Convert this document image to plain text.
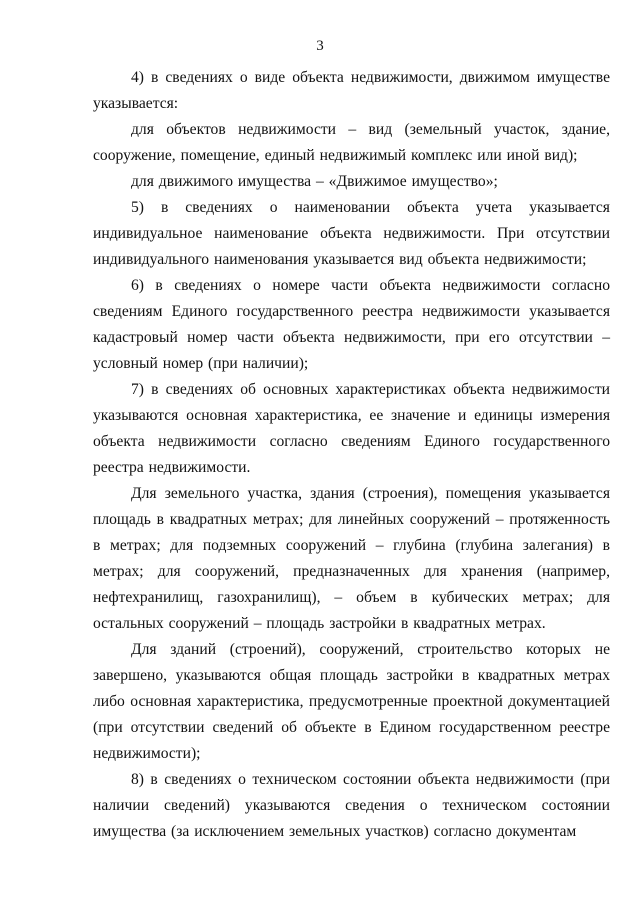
3

4) в сведениях о виде объекта недвижимости, движимом имуществе указывается:

для объектов недвижимости – вид (земельный участок, здание, сооружение, помещение, единый недвижимый комплекс или иной вид);

для движимого имущества – «Движимое имущество»;

5) в сведениях о наименовании объекта учета указывается индивидуальное наименование объекта недвижимости. При отсутствии индивидуального наименования указывается вид объекта недвижимости;

6) в сведениях о номере части объекта недвижимости согласно сведениям Единого государственного реестра недвижимости указывается кадастровый номер части объекта недвижимости, при его отсутствии – условный номер (при наличии);

7) в сведениях об основных характеристиках объекта недвижимости указываются основная характеристика, ее значение и единицы измерения объекта недвижимости согласно сведениям Единого государственного реестра недвижимости.

Для земельного участка, здания (строения), помещения указывается площадь в квадратных метрах; для линейных сооружений – протяженность в метрах; для подземных сооружений – глубина (глубина залегания) в метрах; для сооружений, предназначенных для хранения (например, нефтехранилищ, газохранилищ), – объем в кубических метрах; для остальных сооружений – площадь застройки в квадратных метрах.

Для зданий (строений), сооружений, строительство которых не завершено, указываются общая площадь застройки в квадратных метрах либо основная характеристика, предусмотренные проектной документацией (при отсутствии сведений об объекте в Едином государственном реестре недвижимости);

8) в сведениях о техническом состоянии объекта недвижимости (при наличии сведений) указываются сведения о техническом состоянии имущества (за исключением земельных участков) согласно документам
